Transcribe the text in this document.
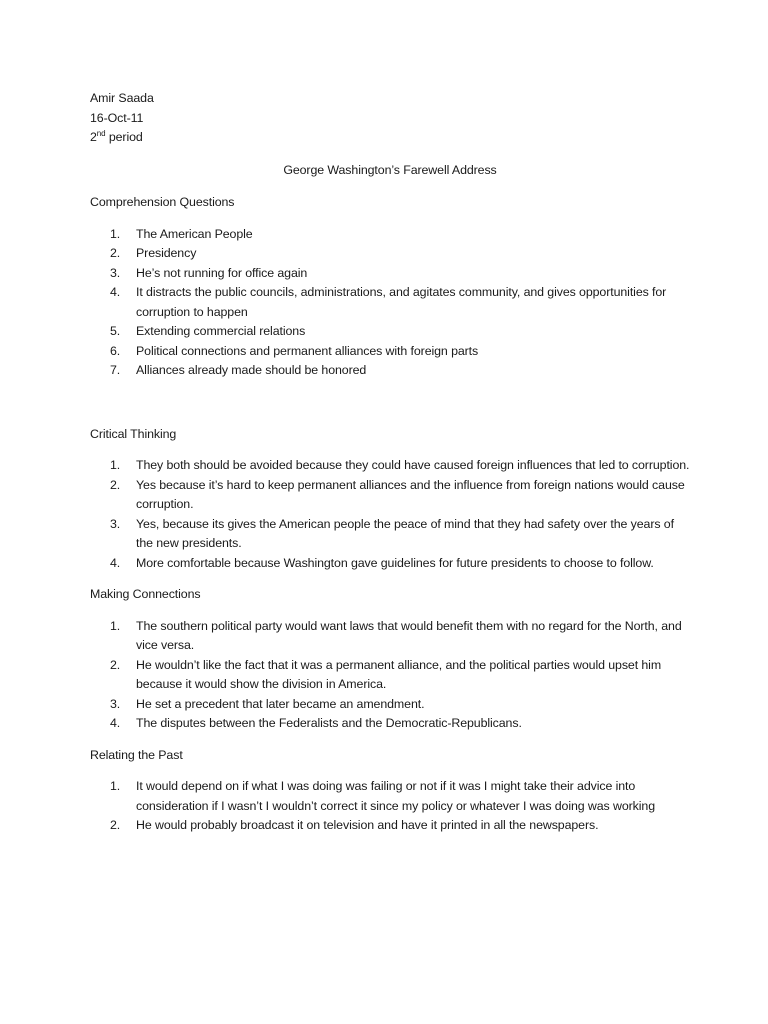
Amir Saada

16-Oct-11

2nd period

George Washington’s Farewell Address

Comprehension Questions

1. The American People
2. Presidency
3. He’s not running for office again
4. It distracts the public councils, administrations, and agitates community, and gives opportunities for corruption to happen
5. Extending commercial relations
6. Political connections and permanent alliances with foreign parts
7. Alliances already made should be honored

Critical Thinking

1. They both should be avoided because they could have caused foreign influences that led to corruption.
2. Yes because it’s hard to keep permanent alliances and the influence from foreign nations would cause corruption.
3. Yes, because its gives the American people the peace of mind that they had safety over the years of the new presidents.
4. More comfortable because Washington gave guidelines for future presidents to choose to follow.

Making Connections

1. The southern political party would want laws that would benefit them with no regard for the North, and vice versa.
2. He wouldn’t like the fact that it was a permanent alliance, and the political parties would upset him because it would show the division in America.
3. He set a precedent that later became an amendment.
4. The disputes between the Federalists and the Democratic-Republicans.

Relating the Past

1. It would depend on if what I was doing was failing or not if it was I might take their advice into consideration if I wasn’t I wouldn’t correct it since my policy or whatever I was doing was working
2. He would probably broadcast it on television and have it printed in all the newspapers.
